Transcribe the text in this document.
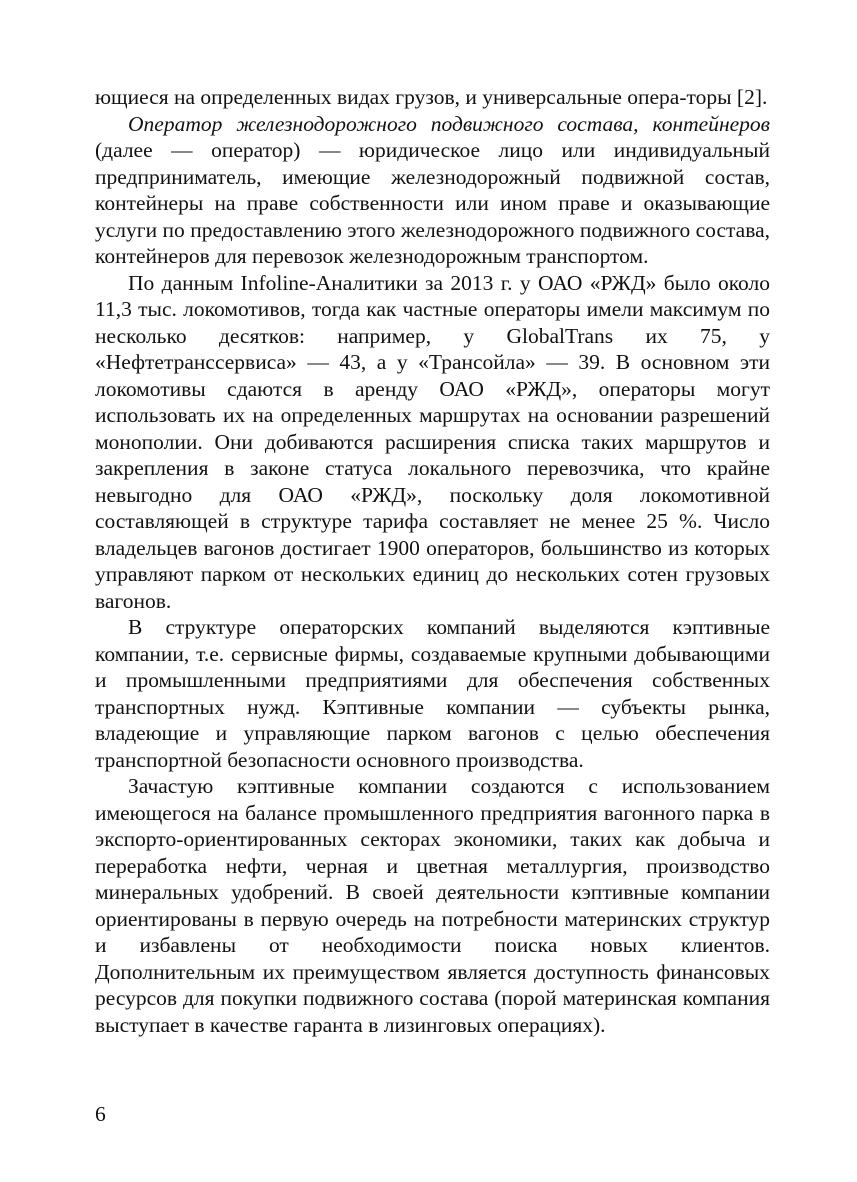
ющиеся на определенных видах грузов, и универсальные опера-торы [2].

Оператор железнодорожного подвижного состава, контейнеров (далее — оператор) — юридическое лицо или индивидуальный предприниматель, имеющие железнодорожный подвижной состав, контейнеры на праве собственности или ином праве и оказывающие услуги по предоставлению этого железнодорожного подвижного состава, контейнеров для перевозок железнодорожным транспортом.

По данным Infoline-Аналитики за 2013 г. у ОАО «РЖД» было около 11,3 тыс. локомотивов, тогда как частные операторы имели максимум по несколько десятков: например, у GlobalTrans их 75, у «Нефтетранссервиса» — 43, а у «Трансойла» — 39. В основном эти локомотивы сдаются в аренду ОАО «РЖД», операторы могут использовать их на определенных маршрутах на основании разрешений монополии. Они добиваются расширения списка таких маршрутов и закрепления в законе статуса локального перевозчика, что крайне невыгодно для ОАО «РЖД», поскольку доля локомотивной составляющей в структуре тарифа составляет не менее 25 %. Число владельцев вагонов достигает 1900 операторов, большинство из которых управляют парком от нескольких единиц до нескольких сотен грузовых вагонов.

В структуре операторских компаний выделяются кэптивные компании, т.е. сервисные фирмы, создаваемые крупными добывающими и промышленными предприятиями для обеспечения собственных транспортных нужд. Кэптивные компании — субъекты рынка, владеющие и управляющие парком вагонов с целью обеспечения транспортной безопасности основного производства.

Зачастую кэптивные компании создаются с использованием имеющегося на балансе промышленного предприятия вагонного парка в экспорто-ориентированных секторах экономики, таких как добыча и переработка нефти, черная и цветная металлургия, производство минеральных удобрений. В своей деятельности кэптивные компании ориентированы в первую очередь на потребности материнских структур и избавлены от необходимости поиска новых клиентов. Дополнительным их преимуществом является доступность финансовых ресурсов для покупки подвижного состава (порой материнская компания выступает в качестве гаранта в лизинговых операциях).

6
